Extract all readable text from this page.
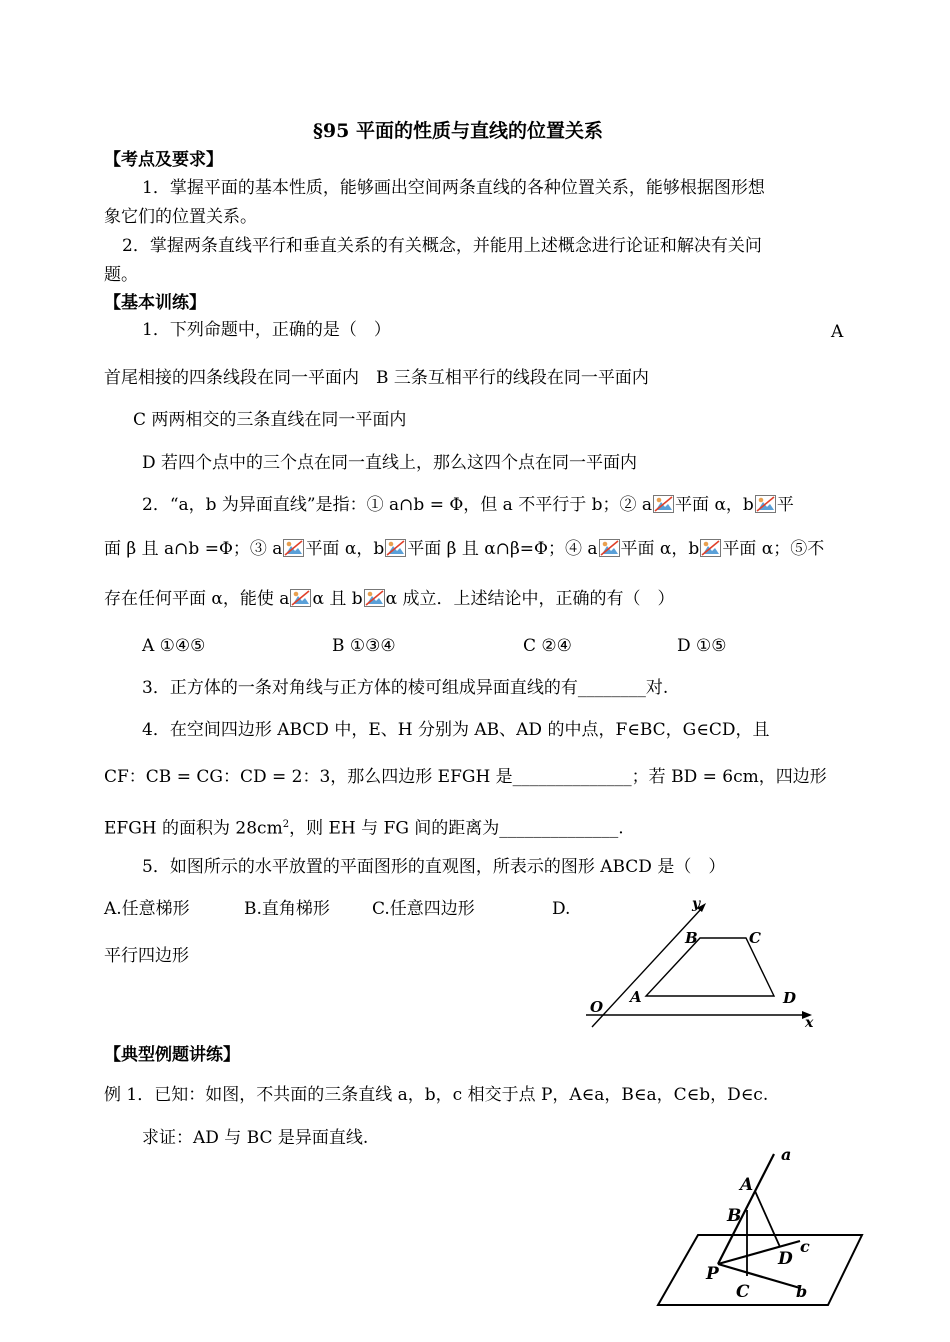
§95 平面的性质与直线的位置关系
【考点及要求】
1．掌握平面的基本性质，能够画出空间两条直线的各种位置关系，能够根据图形想
象它们的位置关系。
2．掌握两条直线平行和垂直关系的有关概念，并能用上述概念进行论证和解决有关问
题。
【基本训练】
1．下列命题中，正确的是（　）	A
首尾相接的四条线段在同一平面内　B 三条互相平行的线段在同一平面内
C 两两相交的三条直线在同一平面内
D 若四个点中的三个点在同一直线上，那么这四个点在同一平面内
2．“a，b 为异面直线”是指：① a∩b = Φ，但 a 不平行于 b；② a 平面 α，b 平
面 β 且 a∩b =Φ；③ a 平面 α，b 平面 β 且 α∩β=Φ；④ a 平面 α，b 平面 α；⑤不
存在任何平面 α，能使 a α 且 b α 成立．上述结论中，正确的有（　）
A ①④⑤	B ①③④	C ②④	D ①⑤
3．正方体的一条对角线与正方体的棱可组成异面直线的有________对.
4．在空间四边形 ABCD 中，E、H 分别为 AB、AD 的中点，F∈BC，G∈CD，且
CF：CB = CG：CD = 2：3，那么四边形 EFGH 是______________；若 BD = 6cm，四边形
EFGH 的面积为 $28cm^2$，则 EH 与 FG 间的距离为______________.
5．如图所示的水平放置的平面图形的直观图，所表示的图形 ABCD 是（　）
A.任意梯形	B.直角梯形 C.任意四边形	D.
平行四边形
y
x
O
A
B	C
D
【典型例题讲练】
例 1．已知：如图，不共面的三条直线 a，b，c 相交于点 P，A∈a，B∈a，C∈b，D∈c.
求证：AD 与 BC 是异面直线.
a
A
B
c
D
P
C	b
